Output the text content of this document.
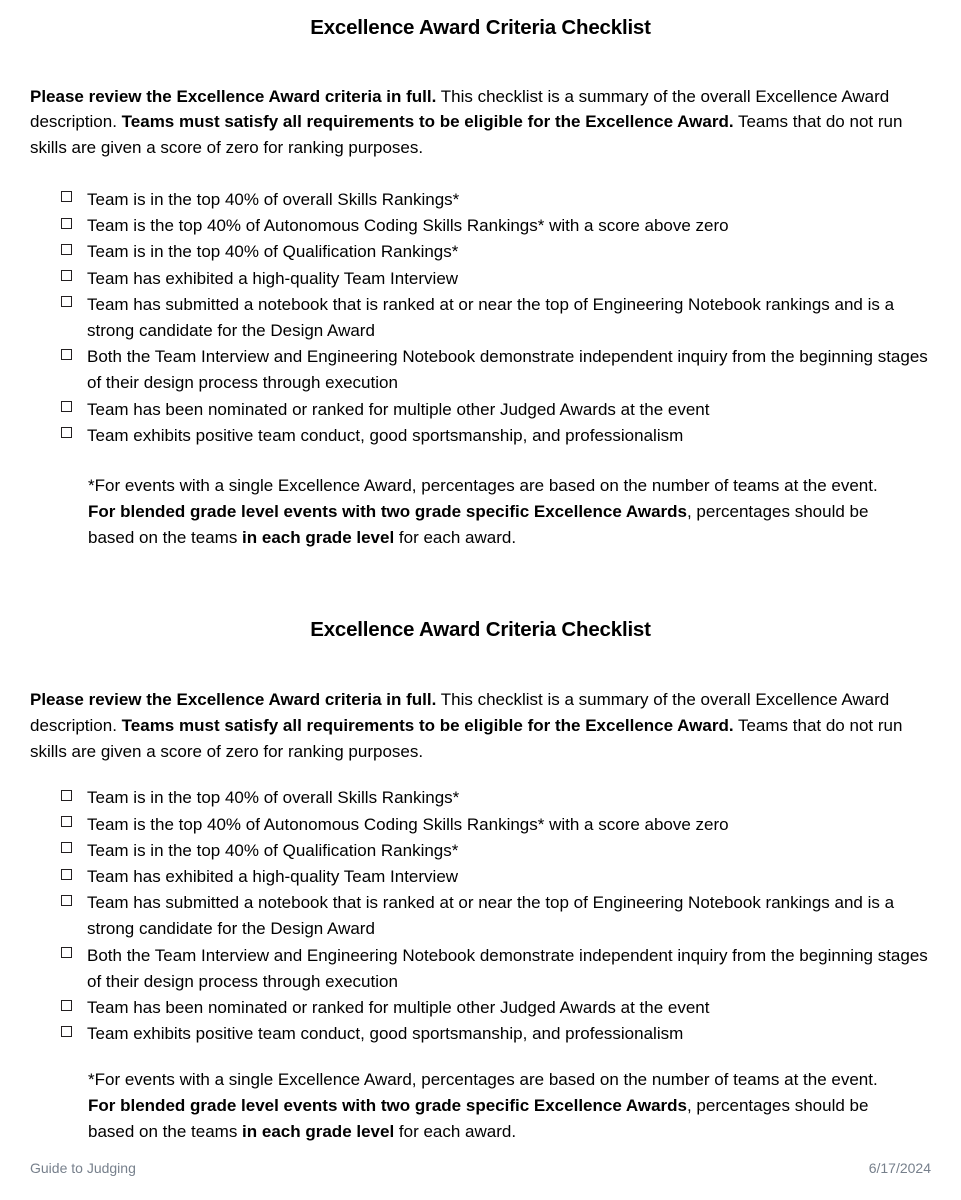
Excellence Award Criteria Checklist

Please review the Excellence Award criteria in full. This checklist is a summary of the overall Excellence Award description. Teams must satisfy all requirements to be eligible for the Excellence Award. Teams that do not run skills are given a score of zero for ranking purposes.

Team is in the top 40% of overall Skills Rankings*
Team is the top 40% of Autonomous Coding Skills Rankings* with a score above zero
Team is in the top 40% of Qualification Rankings*
Team has exhibited a high-quality Team Interview
Team has submitted a notebook that is ranked at or near the top of Engineering Notebook rankings and is a strong candidate for the Design Award
Both the Team Interview and Engineering Notebook demonstrate independent inquiry from the beginning stages of their design process through execution
Team has been nominated or ranked for multiple other Judged Awards at the event
Team exhibits positive team conduct, good sportsmanship, and professionalism

*For events with a single Excellence Award, percentages are based on the number of teams at the event. For blended grade level events with two grade specific Excellence Awards, percentages should be based on the teams in each grade level for each award.

Excellence Award Criteria Checklist

Please review the Excellence Award criteria in full. This checklist is a summary of the overall Excellence Award description. Teams must satisfy all requirements to be eligible for the Excellence Award. Teams that do not run skills are given a score of zero for ranking purposes.

Team is in the top 40% of overall Skills Rankings*
Team is the top 40% of Autonomous Coding Skills Rankings* with a score above zero
Team is in the top 40% of Qualification Rankings*
Team has exhibited a high-quality Team Interview
Team has submitted a notebook that is ranked at or near the top of Engineering Notebook rankings and is a strong candidate for the Design Award
Both the Team Interview and Engineering Notebook demonstrate independent inquiry from the beginning stages of their design process through execution
Team has been nominated or ranked for multiple other Judged Awards at the event
Team exhibits positive team conduct, good sportsmanship, and professionalism

*For events with a single Excellence Award, percentages are based on the number of teams at the event. For blended grade level events with two grade specific Excellence Awards, percentages should be based on the teams in each grade level for each award.

Guide to Judging	6/17/2024
